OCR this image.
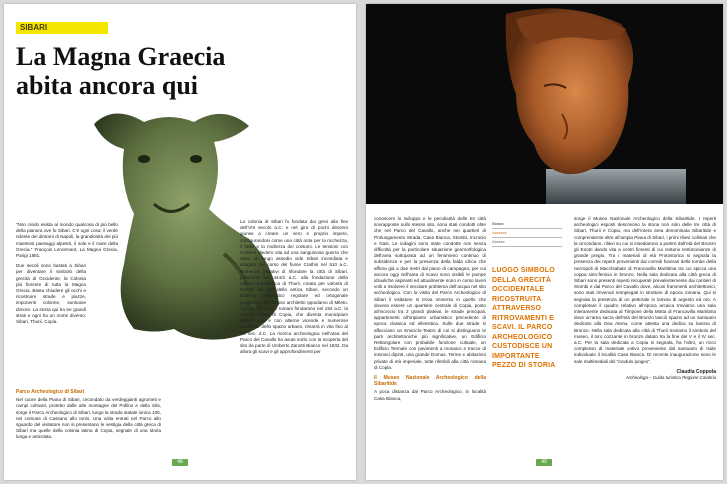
SIBARI
La Magna Graecia abita ancora qui

“Non credo esista al mondo qualcosa di più bello della pianura ove fu Sibari. C’è ogni cosa: il verde ridente dei dintorni di Napoli, la grandiosità dei più maestosi paesaggi alpestri, il sole e il mare della Grecia.” François Lenormant, La Magna Grecia, Parigi 1881.

Due secoli sono bastati a Sibari per diventare il simbolo della grecità di Occidente, la Colonia più fiorente di tutta la Magna Grecia. Basta chiudere gli occhi e ricostruire strade e piazze, imponenti colonne, sontuose dimore. La storia qui ha tre grandi strati e ogni ha un nome diverso: Sibari, Thurii, Copia.

Parco Archeologico di Sibari

Nel cuore della Piana di Sibari, circondato da verdeggianti agrumeti e campi coltivati, protetto dalle alte montagne del Pollino e della Sila, sorge il Parco Archeologico di Sibari, lungo la strada statale ionica 106, nel comune di Cassano allo Ionio. Una volta entrati nel Parco allo sguardo del visitatore non si presentano le vestigia della città greca di Sibari ma quelle della colonia latina di Copia, segnale di una storia lunga e articolata.

La colonia di Sibari fu fondata dai greci alla fine dell’VIII secolo a.C. e nel giro di pochi decenni giunse a creare un vero e proprio impero, configurandosi come una città nota per la ricchezza, il fasto e la mollezza dei costumi. Le tensioni con Crotone diedero vita ad una sanguinosa guerra che dopo un lungo assedio vide Sibari incendiata e allagata dal corso del fiume Crathis nel 510 a.C. Numerosi tentativi di rifondare la città di Sibari, portarono nel 444/3 a.C. alla fondazione della colonia panellenica di Thurii, creata per volontà di Pericle sul sito della antica Sibari, secondo un sistema urbanistico regolare ed ortogonale progettato dal famoso architetto Ippodamo di Mileto. Sul sito di Thurii i romani fondarono nel 193 a.C. la colonia latina di Copia, che diventa municipium nell’89 a.C. e con alterne vicende e numerose modifiche dello spazio urbano, rimarrà in vita fino al VII sec. d.C. La ricerca archeologica nell’area del Parco del Cavallo ha avuto inizio con la scoperta del sito da parte di Umberto Zanotti Bianco nel 1932. Da allora gli scavi e gli approfondimenti per

48

conoscere lo sviluppo e le peculiarità delle tre città sovrapposte sullo stesso sito, sono stati condotti oltre che nel Parco del Cavallo, anche nei quartieri di Prolungamento Strada, Casa Bianca, Stombi, Incrocio e Gasi. Le indagini sono state condotte non senza difficoltà per la particolare situazione geomorfologica dell’area sottoposta ad un fenomeno continuo di subsidenza e per la presenza della falda idrica che affiora già a due metri dal piano di campagna, per cui ancora oggi nell’area di scavo sono visibili le pompe idrauliche aspiranti ed attualmente sono in corso lavori volti a risolvere il secolare problema dell’acqua nel sito archeologico. Con la visita del Parco Archeologico di Sibari il visitatore si trova immerso in quello che doveva essere un quartiere centrale di Copia, posto all’incrocio tra 2 grandi plateiai, le strade principali, appartenenti all’impianto urbanistico precedente di epoca classica ed ellenistica. Sulle due strade si affacciano un Emiciclo-Teatro di cui si distinguono le parti architettoniche più significative, un Edificio Rettangolare con probabile funzione cultuale, un Edificio Termale con pavimenti a mosaico e tracce di intonaci dipinti, una grande Domus, Terme e abitazioni private di età imperiale, tutte riferibili alla città romana di Copia.

Il Museo Nazionale Archeologico della Sibaritide

A poca distanza dal Parco Archeologico, in località Casa Bianca,

Xxxxx
Xxxxxxx
Xxxxxx
LUOGO SIMBOLO DELLA GRECITÀ OCCIDENTALE RICOSTRUITA ATTRAVERSO RITROVAMENTI E SCAVI. IL PARCO ARCHEOLOGICO CUSTODISCE UN IMPORTANTE PEZZO DI STORIA

sorge il Museo Nazionale Archeologico della Sibaritide. I reperti archeologici esposti descrivono la storia non solo delle tre città di Sibari, Thurii e Copia, ma dell’intera area denominata Sibaritide e comprendente oltre all’ampia Piana di Sibari, i primi rilievi collinari che la circondano, rilievi su cui si insediarono a partire dall’età del Bronzo gli Enotri dando vita a centri fiorenti di cui restano testimonianze di grande pregio. Tra i materiali di età Protostorica si segnala la presenza dei reperti provenienti dai corredi funerari delle tombe della necropoli di Macchiabate di Francavilla Marittima tra cui spicca una coppa sirio-fenicia in bronzo. Nella sala dedicata alla città greca di Sibari sono presenti reperti recuperati prevalentemente dai cantieri di Stombi e dal Parco del Cavallo dove, alcuni frammenti architettonici, sono stati rinvenuti reimpiegati in strutture di epoca romana. Qui si segnala la presenza di un pettorale in lamina di argento ed oro. A completare il quadro relativo all’epoca arcaica troviamo una sala interamente dedicata al Timpone della Motta di Francavilla Marittima dove un’area sacra dell’età del Bronzo lasciò spazio ad un santuario dedicato alla Dea Atena, come attesta una dedica su lamina di Bronzo. Nella sala dedicata alla città di Thurii troviamo il simbolo del museo, il toro cozzante in bronzo datato tra la fine del V e il IV sec. a.C. Per la sala dedicata a Copia si segnala, fra l’altro, un ricco complesso di materiale votivo proveniente dal santuario di Iside individuato il località Casa Bianca. Di recente inaugurazione sono le sale multimediali del “modulo ipogeo”.

Claudia Coppola
Archeologa – Guida turistica Regione Calabria
49
